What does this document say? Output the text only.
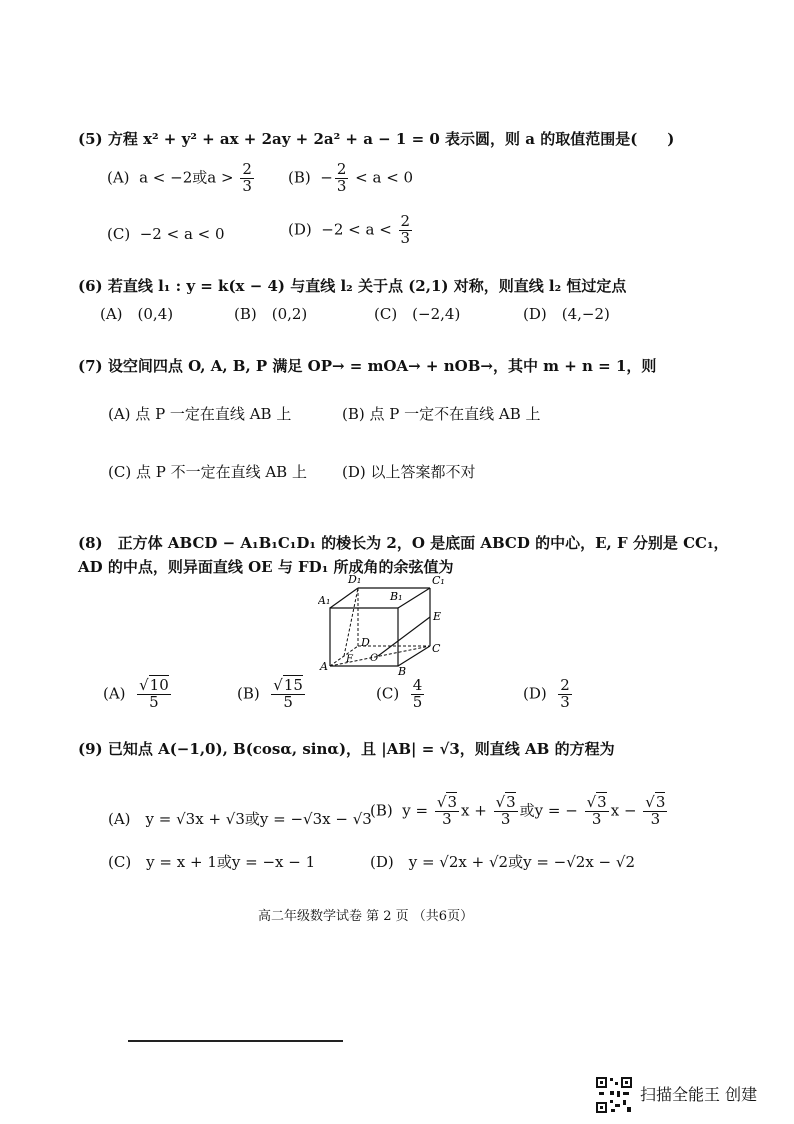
(5) 方程 x² + y² + ax + 2ay + 2a² + a − 1 = 0 表示圆，则 a 的取值范围是(　　)
(A) a < −2或$a > \frac{2}{3} (B) - \frac{2}{3} < a < 0$
(C) −2 < a < 0	$(D) -2 < a < \frac{2}{3}$
(6) 若直线 l₁ : y = k(x − 4) 与直线 l₂ 关于点 (2,1) 对称，则直线 l₂ 恒过定点
(A)　(0,4)	(B)　(0,2)	(C)　(−2,4)	(D)　(4,−2)
(7) 设空间四点 O, A, B, P 满足 OP→ = mOA→ + nOB→，其中 m + n = 1，则
(A) 点 P 一定在直线 AB 上	(B) 点 P 一定不在直线 AB 上
(C) 点 P 不一定在直线 AB 上 (D) 以上答案都不对
(8)　正方体 ABCD − A₁B₁C₁D₁ 的棱长为 2，O 是底面 ABCD 的中心，E, F 分别是 CC₁，
AD 的中点，则异面直线 OE 与 FD₁ 所成角的余弦值为
D₁	C₁
A₁	B₁
E
D	C
F O
A	B
$(A) \frac{√10}{5}$	$(B) \frac{√15}{5}$	$(C) \frac{4}{5}$	$(D) \frac{2}{3}$
(9) 已知点 A(−1,0), B(cosα, sinα)，且 |AB| = √3，则直线 AB 的方程为
(A)　y = √3x + √3或y = −√3x − √3
(B) $y = \frac{√3}{3}$ $x + \frac{√3}{3}$ 或y = − $\frac{√3}{3}$ $x - \frac{√3}{3}$
(C)　y = x + 1或y = −x − 1	(D)　y = √2x + √2或y = −√2x − √2
高二年级数学试卷 第 2 页 （共6页）
扫描全能王 创建
